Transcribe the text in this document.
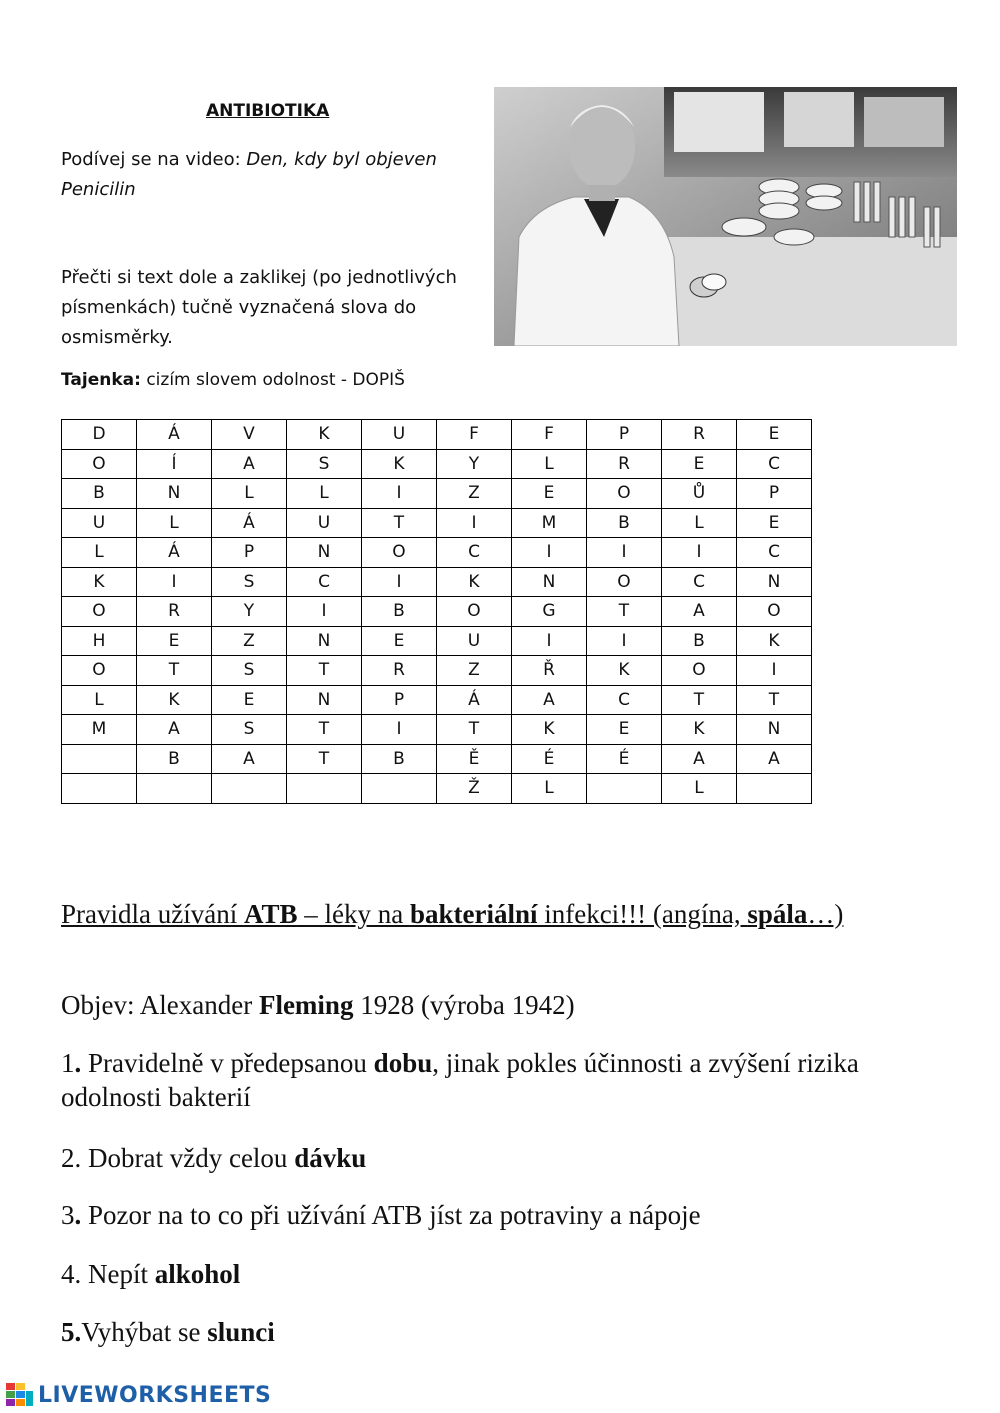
ANTIBIOTIKA
Podívej se na video: Den, kdy byl objeven Penicilin
Přečti si text dole a zaklikej (po jednotlivých písmenkách) tučně vyznačená slova do osmisměrky.
Tajenka: cizím slovem odolnost - DOPIŠ
D	Á	V	K	U	F	F	P	R	E
O	Í	A	S	K	Y	L	R	E	C
B	N	L	L	I	Z	E	O	Ů	P
U	L	Á	U	T	I	M	B	L	E
L	Á	P	N	O	C	I	I	I	C
K	I	S	C	I	K	N	O	C	N
O	R	Y	I	B	O	G	T	A	O
H	E	Z	N	E	U	I	I	B	K
O	T	S	T	R	Z	Ř	K	O	I
L	K	E	N	P	Á	A	C	T	T
M	A	S	T	I	T	K	E	K	N
	B	A	T	B	Ě	É	É	A	A
					Ž	L		L	
Pravidla užívání ATB – léky na bakteriální infekci!!! (angína, spála…)
Objev: Alexander Fleming 1928 (výroba 1942)
1. Pravidelně v předepsanou dobu, jinak pokles účinnosti a zvýšení rizika odolnosti bakterií
2. Dobrat vždy celou dávku
3. Pozor na to co při užívání ATB jíst za potraviny a nápoje
4. Nepít alkohol
5.Vyhýbat se slunci
LIVEWORKSHEETS
